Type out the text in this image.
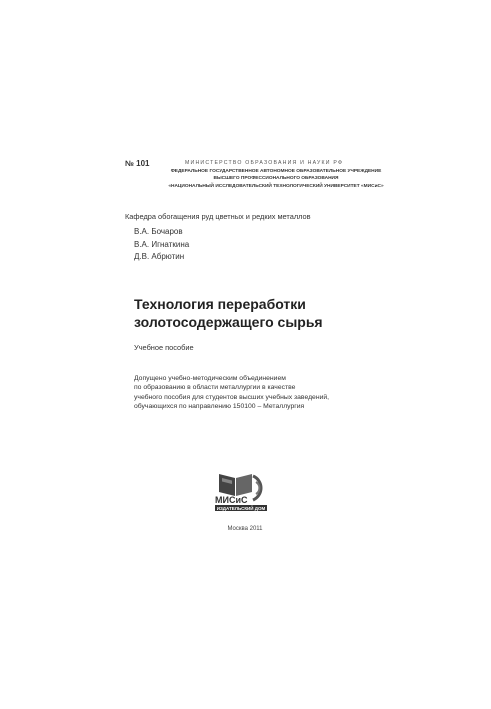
№ 101	МИНИСТЕРСТВО ОБРАЗОВАНИЯ И НАУКИ РФ
ФЕДЕРАЛЬНОЕ ГОСУДАРСТВЕННОЕ АВТОНОМНОЕ ОБРАЗОВАТЕЛЬНОЕ УЧРЕЖДЕНИЕ
ВЫСШЕГО ПРОФЕССИОНАЛЬНОГО ОБРАЗОВАНИЯ
«НАЦИОНАЛЬНЫЙ ИССЛЕДОВАТЕЛЬСКИЙ ТЕХНОЛОГИЧЕСКИЙ УНИВЕРСИТЕТ «МИСиС»
Кафедра обогащения руд цветных и редких металлов
В.А. Бочаров
В.А. Игнаткина
Д.В. Абрютин
Технология переработки
золотосодержащего сырья
Учебное пособие
Допущено учебно-методическим объединением
по образованию в области металлургии в качестве
учебного пособия для студентов высших учебных заведений,
обучающихся по направлению 150100 – Металлургия
МИСиС
ИЗДАТЕЛЬСКИЙ ДОМ
Москва 2011
